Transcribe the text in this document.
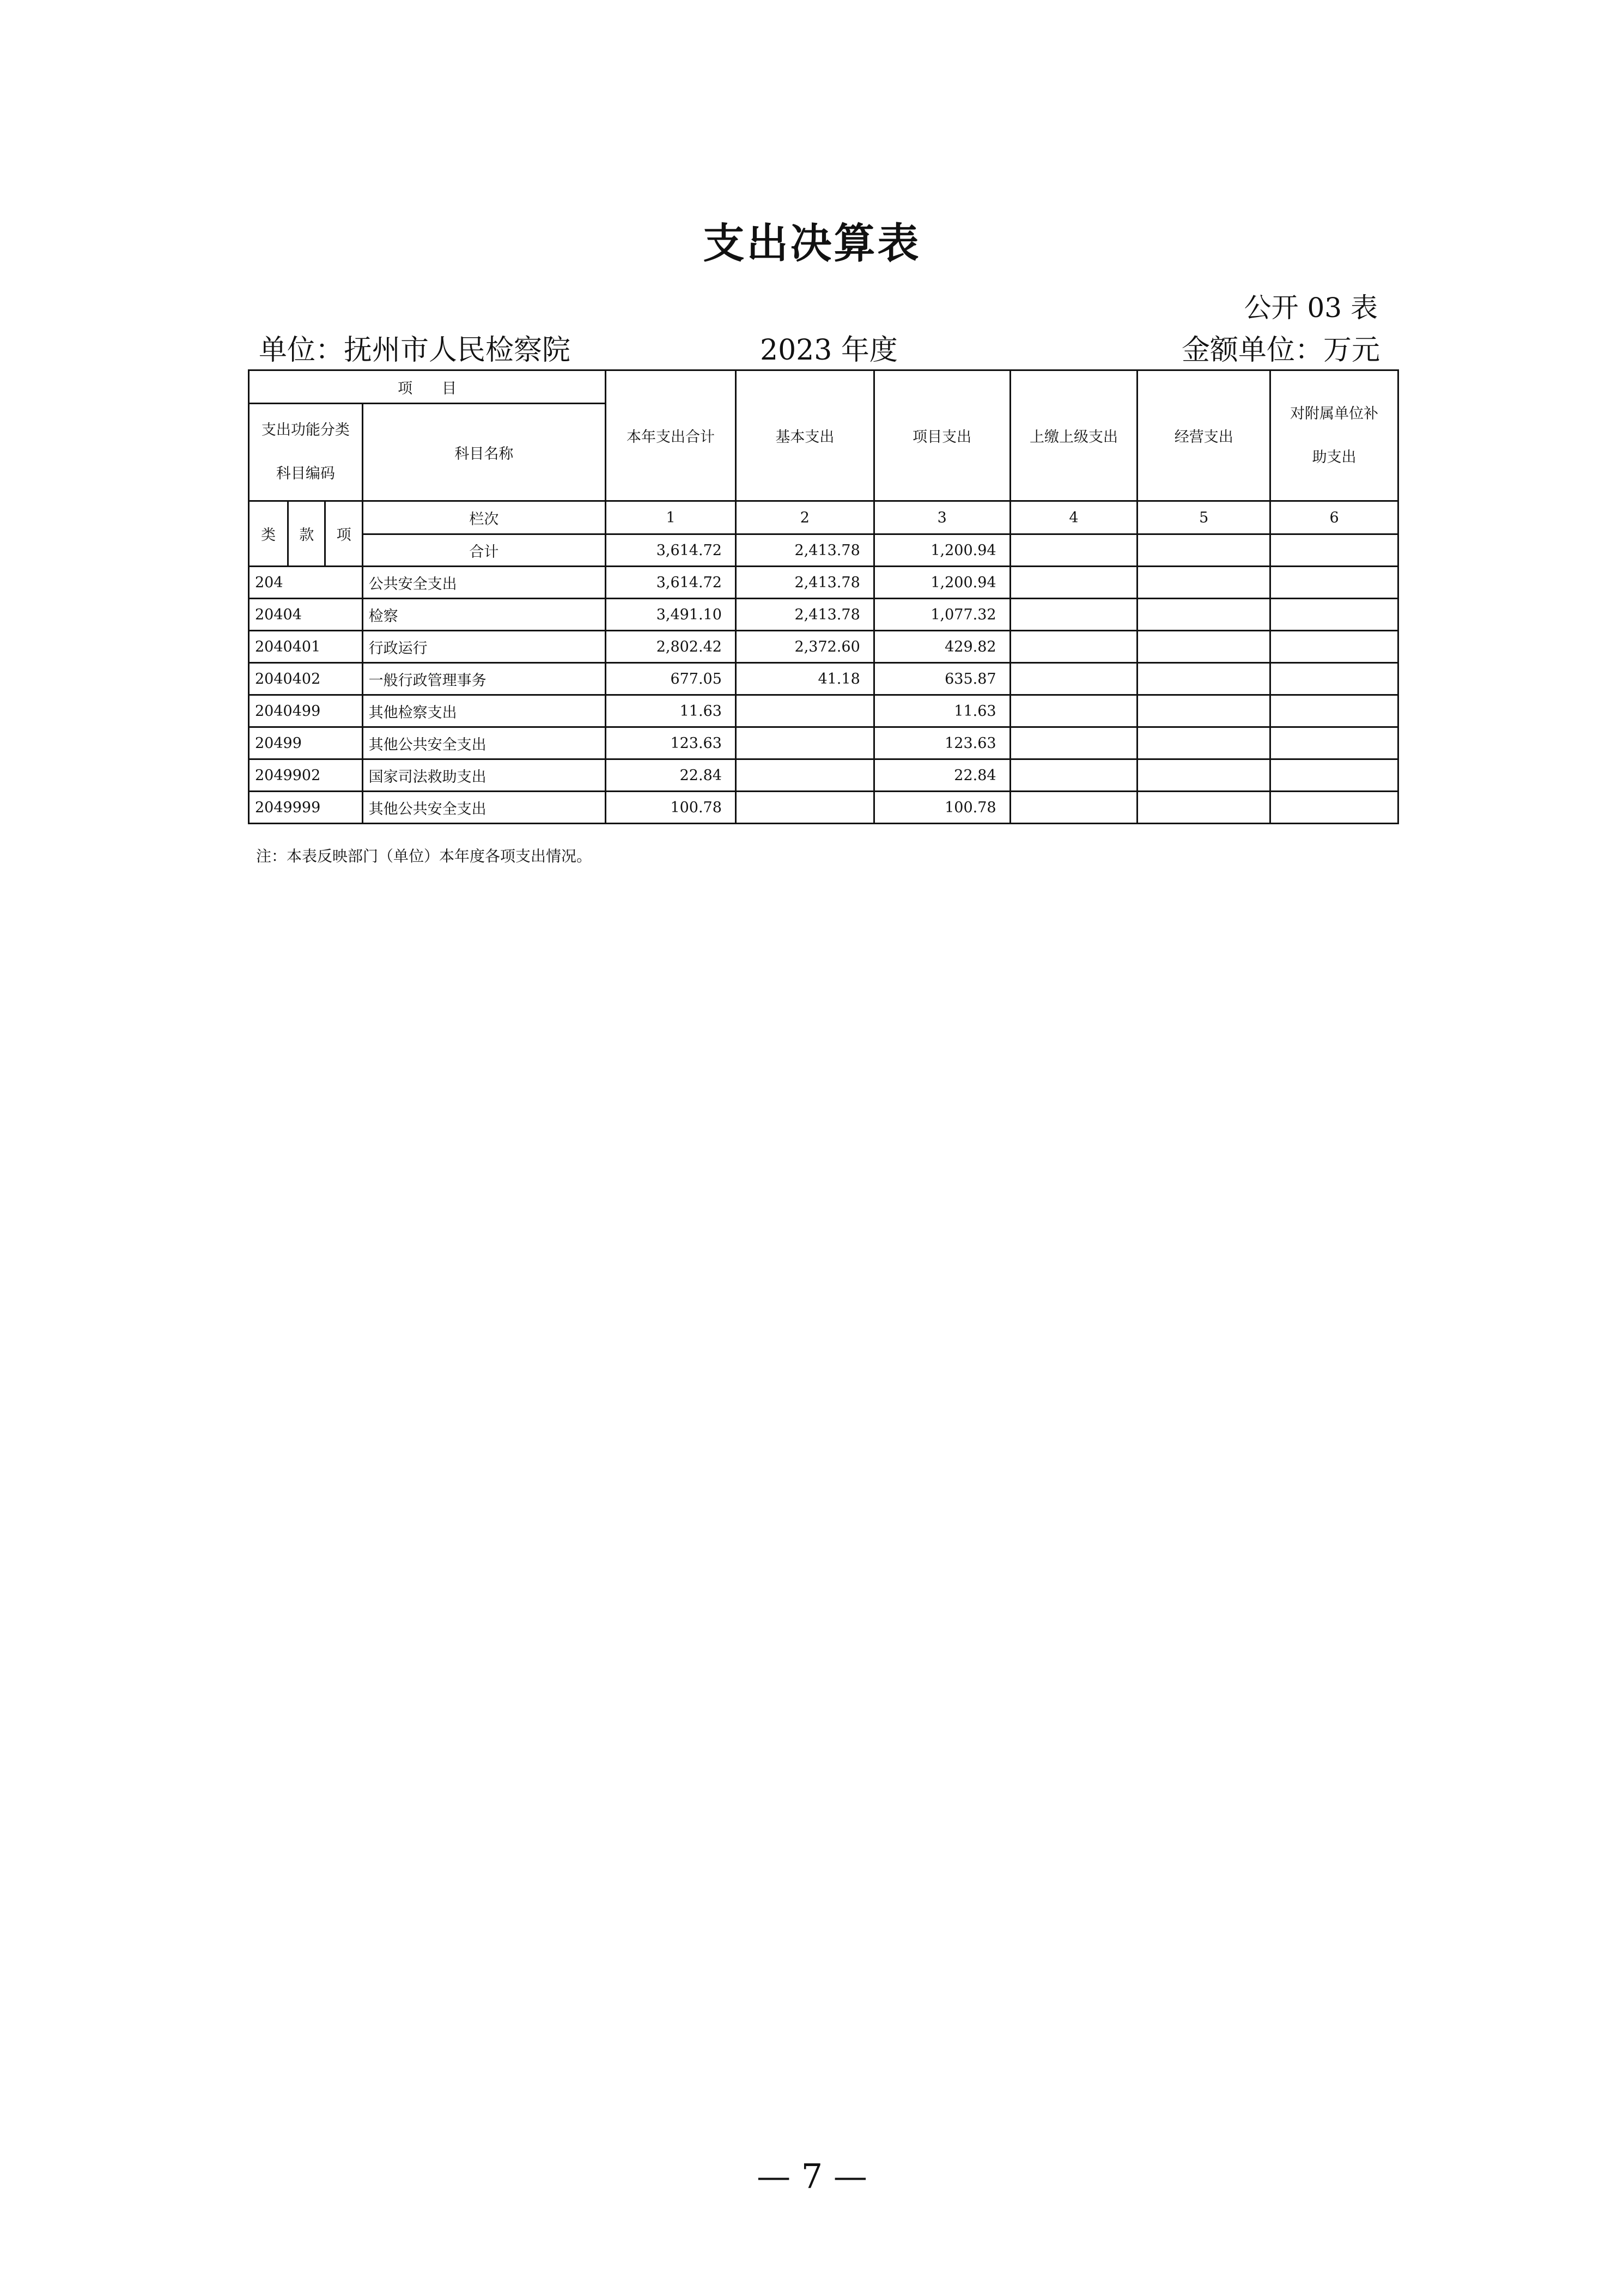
支出决算表
公开 03 表
单位：抚州市人民检察院	2023 年度	金额单位：万元
项　　目				本年支出合计	基本支出	项目支出	上缴上级支出	经营支出	对附属单位补
助支出

支出功能分类
科目编码			科目名称						
类	款	项	栏次	1	2	3	4	5	6
			合计	3,614.72	2,413.78	1,200.94			
204			公共安全支出	3,614.72	2,413.78	1,200.94			
20404			检察	3,491.10	2,413.78	1,077.32			
2040401			行政运行	2,802.42	2,372.60	429.82			
2040402			一般行政管理事务	677.05	41.18	635.87			
2040499			其他检察支出	11.63		11.63			
20499			其他公共安全支出	123.63		123.63			
2049902			国家司法救助支出	22.84		22.84			
2049999			其他公共安全支出	100.78		100.78			
注：本表反映部门（单位）本年度各项支出情况。
— 7 —
